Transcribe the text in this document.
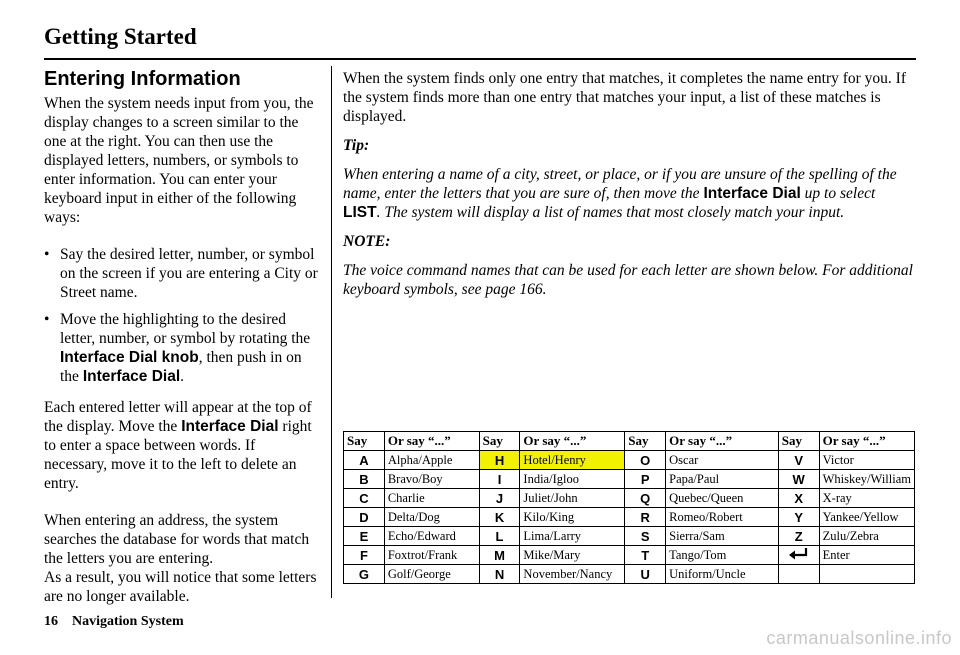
Getting Started
Entering Information

When the system needs input from you, the display changes to a screen similar to the one at the right. You can then use the displayed letters, numbers, or symbols to enter information. You can enter your keyboard input in either of the following ways:

• Say the desired letter, number, or symbol on the screen if you are entering a City or Street name.
• Move the highlighting to the desired letter, number, or symbol by rotating the Interface Dial knob, then push in on the Interface Dial.

Each entered letter will appear at the top of the display. Move the Interface Dial right to enter a space between words. If necessary, move it to the left to delete an entry.

When entering an address, the system searches the database for words that match the letters you are entering.

As a result, you will notice that some letters are no longer available.

When the system finds only one entry that matches, it completes the name entry for you. If the system finds more than one entry that matches your input, a list of these matches is displayed.

Tip:

When entering a name of a city, street, or place, or if you are unsure of the spelling of the name, enter the letters that you are sure of, then move the Interface Dial up to select LIST. The system will display a list of names that most closely match your input.

NOTE:

The voice command names that can be used for each letter are shown below. For additional keyboard symbols, see page 166.

Say	Or say “...”	Say	Or say “...”	Say	Or say “...”	Say	Or say “...”
A	Alpha/Apple	H	Hotel/Henry	O	Oscar	V	Victor
B	Bravo/Boy	I	India/Igloo	P	Papa/Paul	W	Whiskey/William
C	Charlie	J	Juliet/John	Q	Quebec/Queen	X	X-ray
D	Delta/Dog	K	Kilo/King	R	Romeo/Robert	Y	Yankee/Yellow
E	Echo/Edward	L	Lima/Larry	S	Sierra/Sam	Z	Zulu/Zebra
F	Foxtrot/Frank	M	Mike/Mary	T	Tango/Tom		Enter
G	Golf/George	N	November/Nancy	U	Uniform/Uncle		
16 Navigation System
carmanualsonline.info
